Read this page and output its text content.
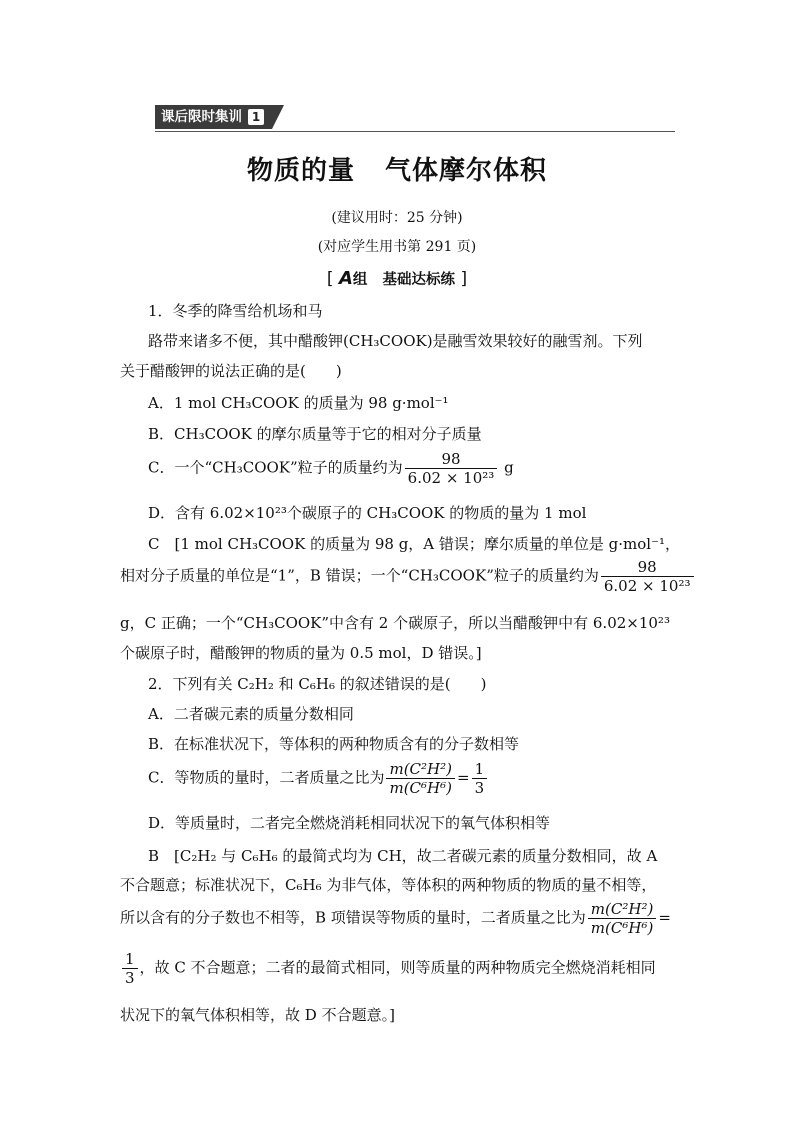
课后限时集训 1
物质的量 气体摩尔体积
(建议用时：25 分钟)
(对应学生用书第 291 页)
[ A组 基础达标练 ]
1．冬季的降雪给机场和马
路带来诸多不便，其中醋酸钾(CH₃COOK)是融雪效果较好的融雪剂。下列
关于醋酸钾的说法正确的是(　　)
A．1 mol CH₃COOK 的质量为 98 g·mol⁻¹
B．CH₃COOK 的摩尔质量等于它的相对分子质量
C．一个“CH₃COOK”粒子的质量约为 $\frac{98}{\text{6.02 × 10²³}}$ g
D．含有 6.02×10²³个碳原子的 CH₃COOK 的物质的量为 1 mol
C　[1 mol CH₃COOK 的质量为 98 g，A 错误；摩尔质量的单位是 g·mol⁻¹，
相对分子质量的单位是“1”，B 错误；一个“CH₃COOK”粒子的质量约为 $\frac{98}{\text{6.02 × 10²³}}$
g，C 正确；一个“CH₃COOK”中含有 2 个碳原子，所以当醋酸钾中有 6.02×10²³
个碳原子时，醋酸钾的物质的量为 0.5 mol，D 错误。]
2．下列有关 C₂H₂ 和 C₆H₆ 的叙述错误的是(　　)
A．二者碳元素的质量分数相同
B．在标准状况下，等体积的两种物质含有的分子数相等
C．等物质的量时，二者质量之比为 $\frac{\text{m(C²H²)}}{\text{m(C⁶H⁶)}} = \frac{1}{3}$
D．等质量时，二者完全燃烧消耗相同状况下的氧气体积相等
B　[C₂H₂ 与 C₆H₆ 的最简式均为 CH，故二者碳元素的质量分数相同，故 A
不合题意；标准状况下，C₆H₆ 为非气体，等体积的两种物质的物质的量不相等，
所以含有的分子数也不相等，B 项错误等物质的量时，二者质量之比为 $\frac{\text{m(C²H²)}}{\text{m(C⁶H⁶)}}$ =
$\frac{1}{3}$ ，故 C 不合题意；二者的最简式相同，则等质量的两种物质完全燃烧消耗相同
状况下的氧气体积相等，故 D 不合题意。]
